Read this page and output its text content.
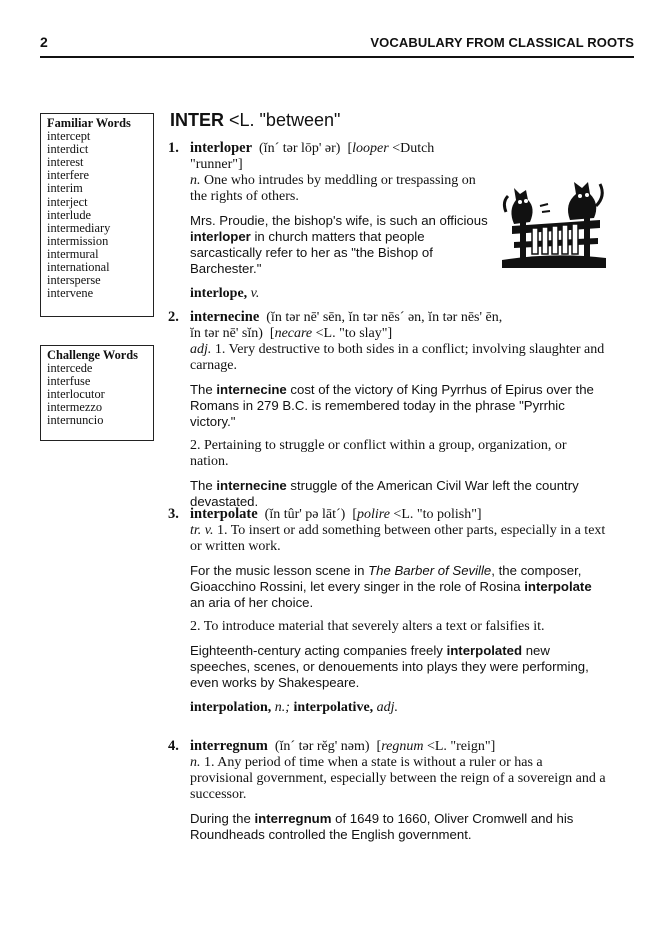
2	VOCABULARY FROM CLASSICAL ROOTS
Familiar Words
intercept
interdict
interest
interfere
interim
interject
interlude
intermediary
intermission
intermural
international
intersperse
intervene
Challenge Words
intercede
interfuse
interlocutor
intermezzo
internuncio
INTER <L. "between"
1. interloper (ĭn´ tər lōp' ər) [looper <Dutch
"runner"]
n. One who intrudes by meddling or trespassing on the rights of others.
Mrs. Proudie, the bishop's wife, is such an officious interloper in church matters that people sarcastically refer to her as "the Bishop of Barchester."
interlope, v.
2. internecine (ĭn tər nē' sēn, ĭn tər nēs´ ən, ĭn tər nēs' ēn,
ĭn tər nē' sĭn) [necare <L. "to slay"]
adj. 1. Very destructive to both sides in a conflict; involving slaughter and carnage.
The internecine cost of the victory of King Pyrrhus of Epirus over the Romans in 279 B.C. is remembered today in the phrase "Pyrrhic victory."
2. Pertaining to struggle or conflict within a group, organization, or nation.
The internecine struggle of the American Civil War left the country devastated.
3. interpolate (ĭn tûr' pə lāt´) [polire <L. "to polish"]
tr. v. 1. To insert or add something between other parts, especially in a text or written work.
For the music lesson scene in The Barber of Seville, the composer, Gioacchino Rossini, let every singer in the role of Rosina interpolate an aria of her choice.
2. To introduce material that severely alters a text or falsifies it.
Eighteenth-century acting companies freely interpolated new speeches, scenes, or denouements into plays they were performing, even works by Shakespeare.
interpolation, n.; interpolative, adj.
4. interregnum (ĭn´ tər rĕg' nəm) [regnum <L. "reign"]
n. 1. Any period of time when a state is without a ruler or has a provisional government, especially between the reign of a sovereign and a successor.
During the interregnum of 1649 to 1660, Oliver Cromwell and his Roundheads controlled the English government.
